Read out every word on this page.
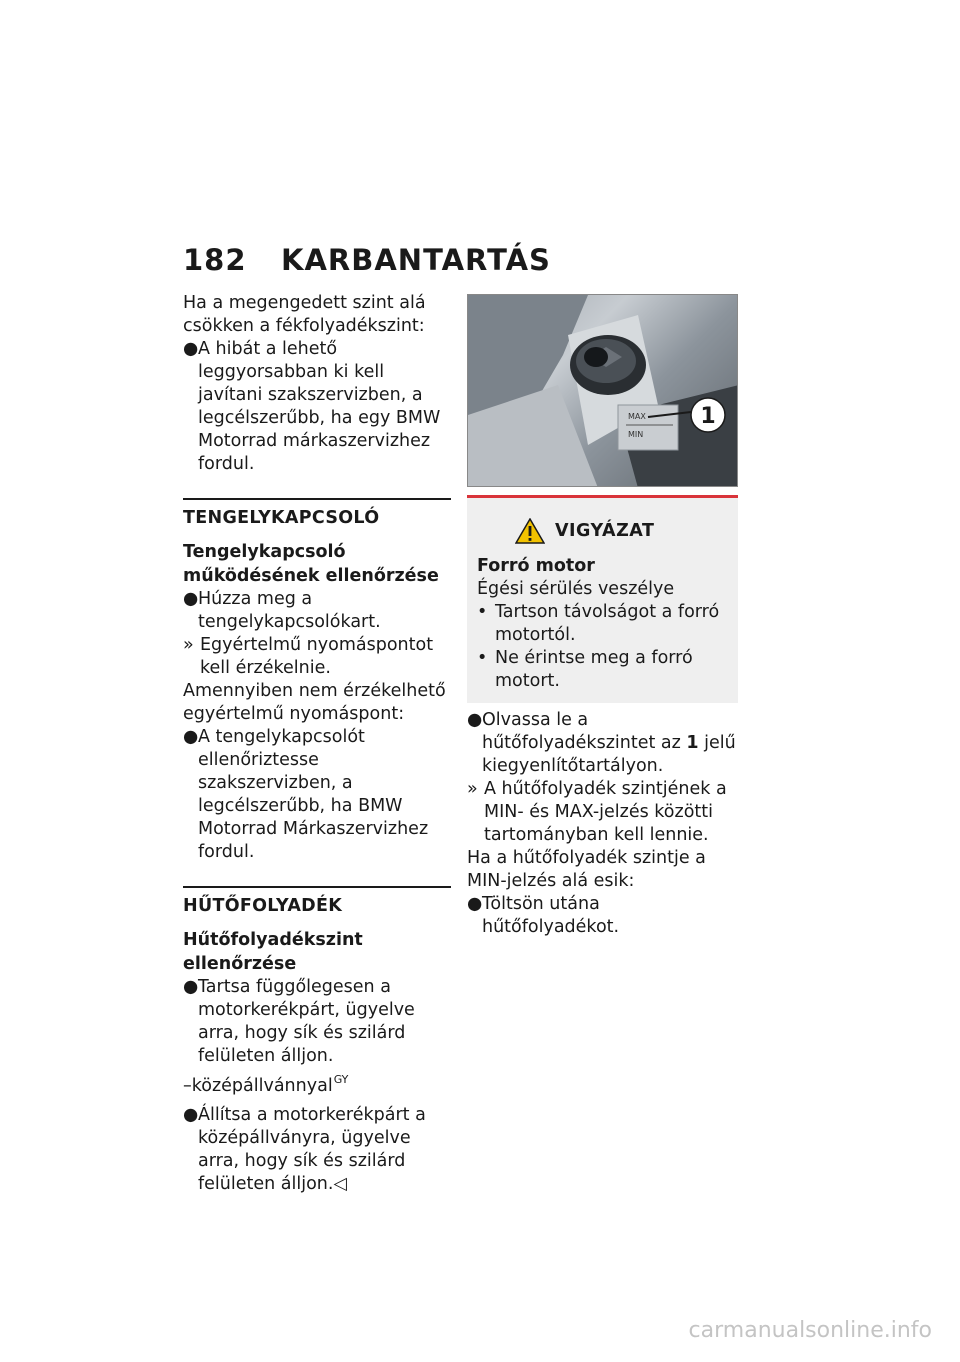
182 KARBANTARTÁS

Ha a megengedett szint alá csökken a fékfolyadékszint:

● A hibát a lehető leggyorsabban ki kell javítani szakszervizben, a legcélszerűbb, ha egy BMW Motorrad márkaszervizhez fordul.
TENGELYKAPCSOLÓ
Tengelykapcsoló működésének ellenőrzése
● Húzza meg a tengelykapcsolókart.
» Egyértelmű nyomáspontot kell érzékelnie.

Amennyiben nem érzékelhető egyértelmű nyomáspont:

● A tengelykapcsolót ellenőriztesse szakszervizben, a legcélszerűbb, ha BMW Motorrad Márkaszervizhez fordul.
HŰTŐFOLYADÉK
Hűtőfolyadékszint ellenőrzése
● Tartsa függőlegesen a motorkerékpárt, ügyelve arra, hogy sík és szilárd felületen álljon.

–középállvánnyal$^{GY}$

● Állítsa a motorkerékpárt a középállványra, ügyelve arra, hogy sík és szilárd felületen álljon.◁
MAX
MIN
1
VIGYÁZAT
Forró motor

Égési sérülés veszélye

• Tartson távolságot a forró motortól.
• Ne érintse meg a forró motort.
● Olvassa le a hűtőfolyadékszintet az 1 jelű kiegyenlítőtartályon.
» A hűtőfolyadék szintjének a MIN- és MAX-jelzés közötti tartományban kell lennie.

Ha a hűtőfolyadék szintje a MIN-jelzés alá esik:

● Töltsön utána hűtőfolyadékot.
carmanualsonline.info
